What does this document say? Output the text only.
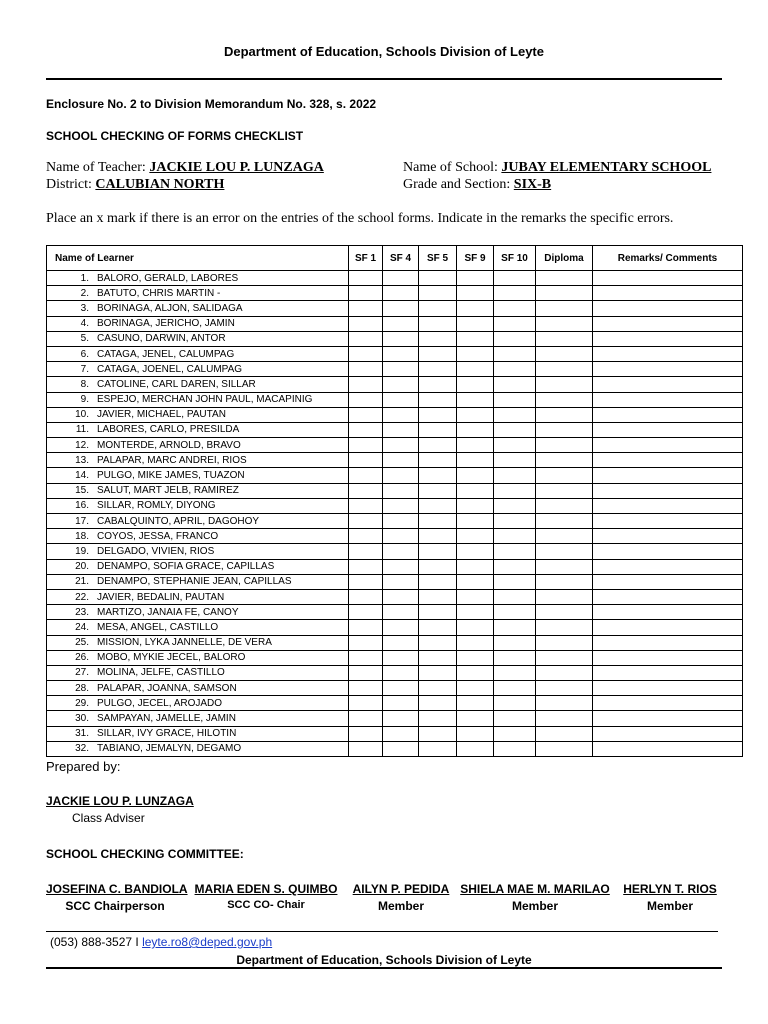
Department of Education, Schools Division of Leyte
Enclosure No. 2 to Division Memorandum No. 328, s. 2022
SCHOOL CHECKING OF FORMS CHECKLIST
Name of Teacher: JACKIE LOU P. LUNZAGA
District: CALUBIAN NORTH
Name of School: JUBAY ELEMENTARY SCHOOL
Grade and Section: SIX-B
Place an x mark if there is an error on the entries of the school forms. Indicate in the remarks the specific errors.
Name of Learner	SF 1	SF 4	SF 5	SF 9	SF 10	Diploma	Remarks/ Comments
1. BALORO, GERALD, LABORES							
2. BATUTO, CHRIS MARTIN -							
3. BORINAGA, ALJON, SALIDAGA							
4. BORINAGA, JERICHO, JAMIN							
5. CASUNO, DARWIN, ANTOR							
6. CATAGA, JENEL, CALUMPAG							
7. CATAGA, JOENEL, CALUMPAG							
8. CATOLINE, CARL DAREN, SILLAR							
9. ESPEJO, MERCHAN JOHN PAUL, MACAPINIG							
10. JAVIER, MICHAEL, PAUTAN							
11. LABORES, CARLO, PRESILDA							
12. MONTERDE, ARNOLD, BRAVO							
13. PALAPAR, MARC ANDREI, RIOS							
14. PULGO, MIKE JAMES, TUAZON							
15. SALUT, MART JELB, RAMIREZ							
16. SILLAR, ROMLY, DIYONG							
17. CABALQUINTO, APRIL, DAGOHOY							
18. COYOS, JESSA, FRANCO							
19. DELGADO, VIVIEN, RIOS							
20. DENAMPO, SOFIA GRACE, CAPILLAS							
21. DENAMPO, STEPHANIE JEAN, CAPILLAS							
22. JAVIER, BEDALIN, PAUTAN							
23. MARTIZO, JANAIA FE, CANOY							
24. MESA, ANGEL, CASTILLO							
25. MISSION, LYKA JANNELLE, DE VERA							
26. MOBO, MYKIE JECEL, BALORO							
27. MOLINA, JELFE, CASTILLO							
28. PALAPAR, JOANNA, SAMSON							
29. PULGO, JECEL, AROJADO							
30. SAMPAYAN, JAMELLE, JAMIN							
31. SILLAR, IVY GRACE, HILOTIN							
32. TABIANO, JEMALYN, DEGAMO							
Prepared by:
JACKIE LOU P. LUNZAGA
Class Adviser
SCHOOL CHECKING COMMITTEE:
JOSEFINA C. BANDIOLA
SCC Chairperson
MARIA EDEN S. QUIMBO
SCC CO- Chair
AILYN P. PEDIDA
Member
SHIELA MAE M. MARILAO
Member
HERLYN T. RIOS
Member
(053) 888-3527 I leyte.ro8@deped.gov.ph
Department of Education, Schools Division of Leyte
